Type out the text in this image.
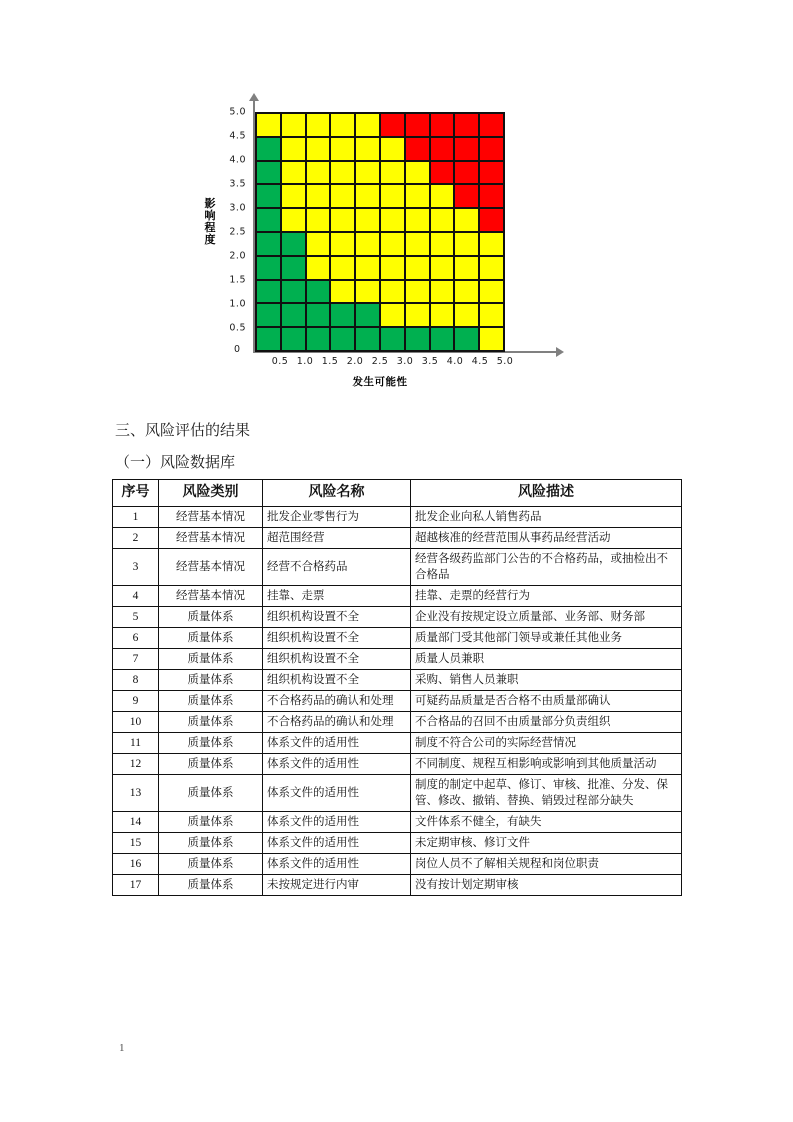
影
响
程
度
5.0
4.5
4.0
3.5
3.0
2.5
2.0
1.5
1.0
0.5
0
0.5 1.0 1.5 2.0 2.5 3.0 3.5 4.0 4.5 5.0
发生可能性
三、风险评估的结果
（一）风险数据库
序号	风险类别	风险名称	风险描述
1	经营基本情况	批发企业零售行为	批发企业向私人销售药品
2	经营基本情况	超范围经营	超越核准的经营范围从事药品经营活动
3	经营基本情况	经营不合格药品	经营各级药监部门公告的不合格药品，或抽检出不合格品
4	经营基本情况	挂靠、走票	挂靠、走票的经营行为
5	质量体系	组织机构设置不全	企业没有按规定设立质量部、业务部、财务部
6	质量体系	组织机构设置不全	质量部门受其他部门领导或兼任其他业务
7	质量体系	组织机构设置不全	质量人员兼职
8	质量体系	组织机构设置不全	采购、销售人员兼职
9	质量体系	不合格药品的确认和处理	可疑药品质量是否合格不由质量部确认
10	质量体系	不合格药品的确认和处理	不合格品的召回不由质量部分负责组织
11	质量体系	体系文件的适用性	制度不符合公司的实际经营情况
12	质量体系	体系文件的适用性	不同制度、规程互相影响或影响到其他质量活动
13	质量体系	体系文件的适用性	制度的制定中起草、修订、审核、批准、分发、保管、修改、撤销、替换、销毁过程部分缺失
14	质量体系	体系文件的适用性	文件体系不健全，有缺失
15	质量体系	体系文件的适用性	未定期审核、修订文件
16	质量体系	体系文件的适用性	岗位人员不了解相关规程和岗位职责
17	质量体系	未按规定进行内审	没有按计划定期审核
1
